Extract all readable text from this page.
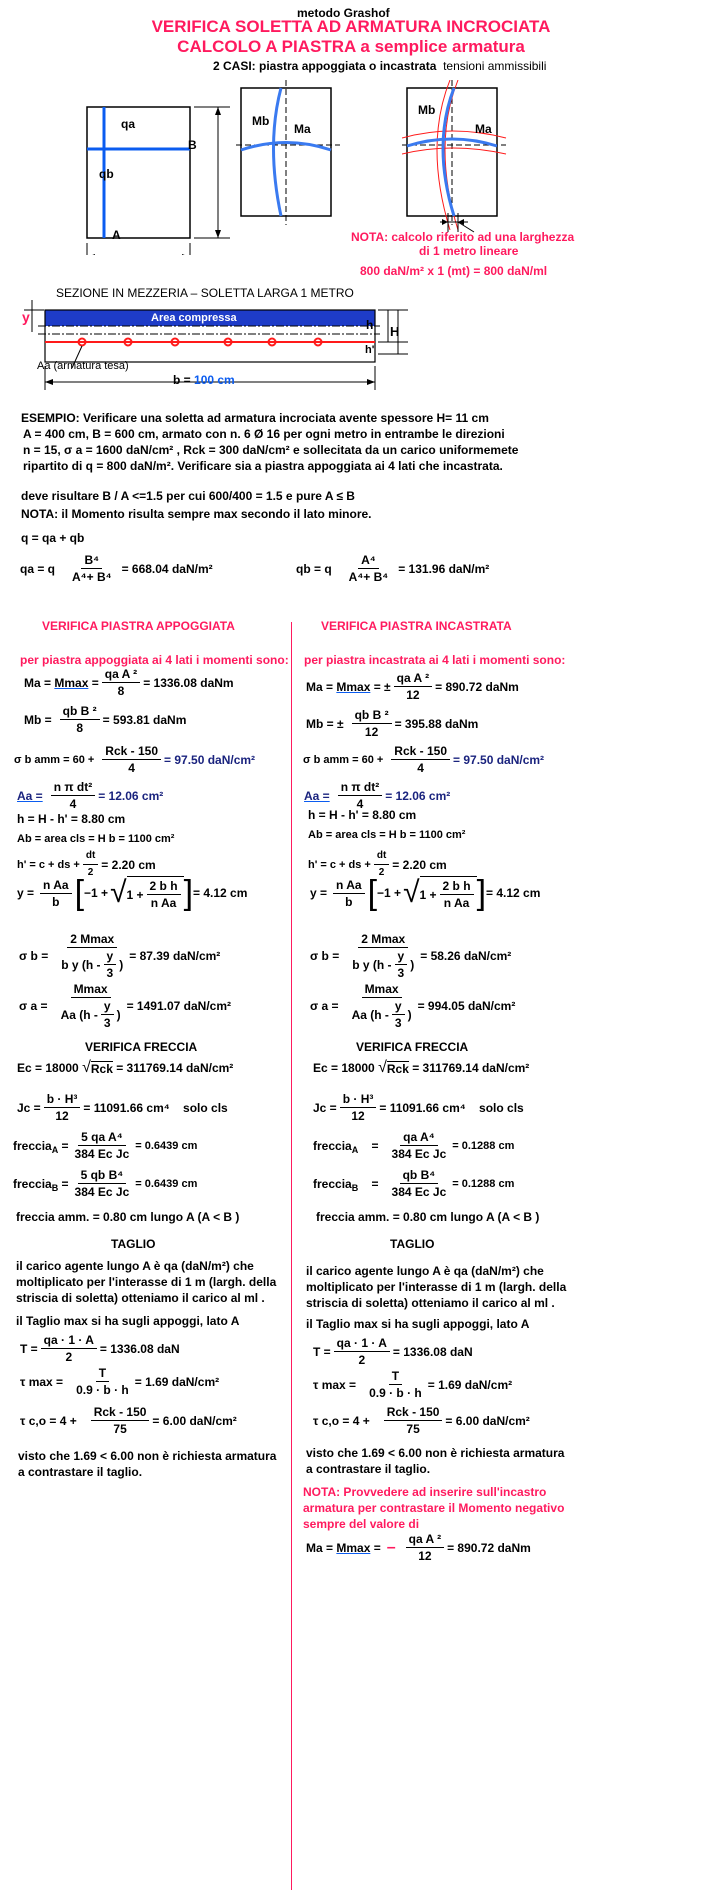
metodo Grashof
VERIFICA SOLETTA AD ARMATURA INCROCIATA
CALCOLO A PIASTRA a semplice armatura
2 CASI: piastra appoggiata o incastrata tensioni ammissibili
qa
qb
B
A
Mb
Ma
Mb
Ma
NOTA: calcolo riferito ad una larghezza
di 1 metro lineare
800 daN/m² x 1 (mt) = 800 daN/ml
SEZIONE IN MEZZERIA – SOLETTA LARGA 1 METRO
y	Area compressa	h H
h'
Aa (armatura tesa)
b = 100 cm
ESEMPIO: Verificare una soletta ad armatura incrociata avente spessore H= 11 cm
A = 400 cm, B = 600 cm, armato con n. 6 Ø 16 per ogni metro in entrambe le direzioni
n = 15, σ a = 1600 daN/cm² , Rck = 300 daN/cm² e sollecitata da un carico uniformemete
ripartito di q = 800 daN/m². Verificare sia a piastra appoggiata ai 4 lati che incastrata.
deve risultare B / A <=1.5 per cui 600/400 = 1.5 e pure A ≤ B
NOTA: il Momento risulta sempre max secondo il lato minore.
q = qa + qb
qa = q $\frac{\text{B⁴}}{\text{A⁴+ B⁴}} = 668.04$ daN/m²	qb = q $\frac{\text{A⁴}}{\text{A⁴+ B⁴}} = 131.96$ daN/m²
VERIFICA PIASTRA APPOGGIATA
per piastra appoggiata ai 4 lati i momenti sono:
Ma =
Mmax
= $\frac{\text{qa A ²}}{8} = 1336.08$ daNm
$Mb = \frac{\text{qb B ²}}{8} = 593.81$ daNm
σ b amm = $60 + \frac{\text{Rck - 150}}{4} = 97.50$ daN/cm²
$Aa = \frac{\text{n π dt²}}{4} = 12.06$ cm²
h = H - h' = 8.80 cm
Ab = area cls = H b = 1100 cm²
h' = c + ds + $\frac{dt}{2} = 2.20$ cm
$y = \frac{\text{n Aa}}{b}$ [ −1 + √ $1 + \frac{\text{2 b h}}{\text{n Aa}}$ ] = 4.12 cm
σ $b = \frac{2 Mmax}{b y (h - \frac{y}{3} )} = 87.39$ daN/cm²
σ $a = \frac{Mmax}{Aa (h - \frac{y}{3} )} = 1491.07$ daN/cm²
VERIFICA FRECCIA
Ec = 18000
√ Rck
= 311769.14 daN/cm²
$Jc = \frac{\text{b · H³}}{12} = 11091.66$ cm⁴
solo cls
freccia$_A$ = $\frac{\text{5 qa A⁴}}{\text{384 Ec Jc}} = 0.6439$ cm
freccia$_B$ = $\frac{\text{5 qb B⁴}}{\text{384 Ec Jc}} = 0.6439$ cm
freccia amm. = 0.80 cm lungo A (A < B )
TAGLIO
il carico agente lungo A è qa (daN/m²) che
moltiplicato per l'interasse di 1 m (largh. della
striscia di soletta) otteniamo il carico al ml .
il Taglio max si ha sugli appoggi, lato A
$T = \frac{qa \cdot 1 \cdot A}{2} = 1336.08$ daN
τ $\max = \frac{T}{0.9 \cdot b \cdot h} = 1.69$ daN/cm²
τ $c,o = 4 + \frac{\text{Rck - 150}}{75} = 6.00$ daN/cm²
visto che 1.69 < 6.00 non è richiesta armatura
a contrastare il taglio.
VERIFICA PIASTRA INCASTRATA
per piastra incastrata ai 4 lati i momenti sono:
Ma =
Mmax
= ± $\frac{\text{qa A ²}}{12} = 890.72$ daNm
Mb = ± $\frac{\text{qb B ²}}{12} = 395.88$ daNm
σ b amm = $60 + \frac{\text{Rck - 150}}{4} = 97.50$ daN/cm²
$Aa = \frac{\text{n π dt²}}{4} = 12.06$ cm²
h = H - h' = 8.80 cm
Ab = area cls = H b = 1100 cm²
h' = c + ds + $\frac{dt}{2} = 2.20$ cm
$y = \frac{\text{n Aa}}{b}$ [ −1 + √ $1 + \frac{\text{2 b h}}{\text{n Aa}}$ ] = 4.12 cm
σ $b = \frac{2 Mmax}{b y (h - \frac{y}{3} )} = 58.26$ daN/cm²
σ $a = \frac{Mmax}{Aa (h - \frac{y}{3} )} = 994.05$ daN/cm²
VERIFICA FRECCIA
Ec = 18000
√ Rck
= 311769.14 daN/cm²
$Jc = \frac{\text{b · H³}}{12} = 11091.66$ cm⁴
solo cls
freccia$_A$ = $\frac{\text{qa A⁴}}{\text{384 Ec Jc}} = 0.1288$ cm
freccia$_B$ = $\frac{\text{qb B⁴}}{\text{384 Ec Jc}} = 0.1288$ cm
freccia amm. = 0.80 cm lungo A (A < B )
TAGLIO
il carico agente lungo A è qa (daN/m²) che
moltiplicato per l'interasse di 1 m (largh. della
striscia di soletta) otteniamo il carico al ml .
il Taglio max si ha sugli appoggi, lato A
$T = \frac{qa \cdot 1 \cdot A}{2} = 1336.08$ daN
τ $\max = \frac{T}{0.9 \cdot b \cdot h} = 1.69$ daN/cm²
τ $c,o = 4 + \frac{\text{Rck - 150}}{75} = 6.00$ daN/cm²
visto che 1.69 < 6.00 non è richiesta armatura
a contrastare il taglio.
NOTA: Provvedere ad inserire sull'incastro
armatura per contrastare il Momento negativo
sempre del valore di
Ma =
Mmax
= – $\frac{\text{qa A ²}}{12} = 890.72$ daNm
